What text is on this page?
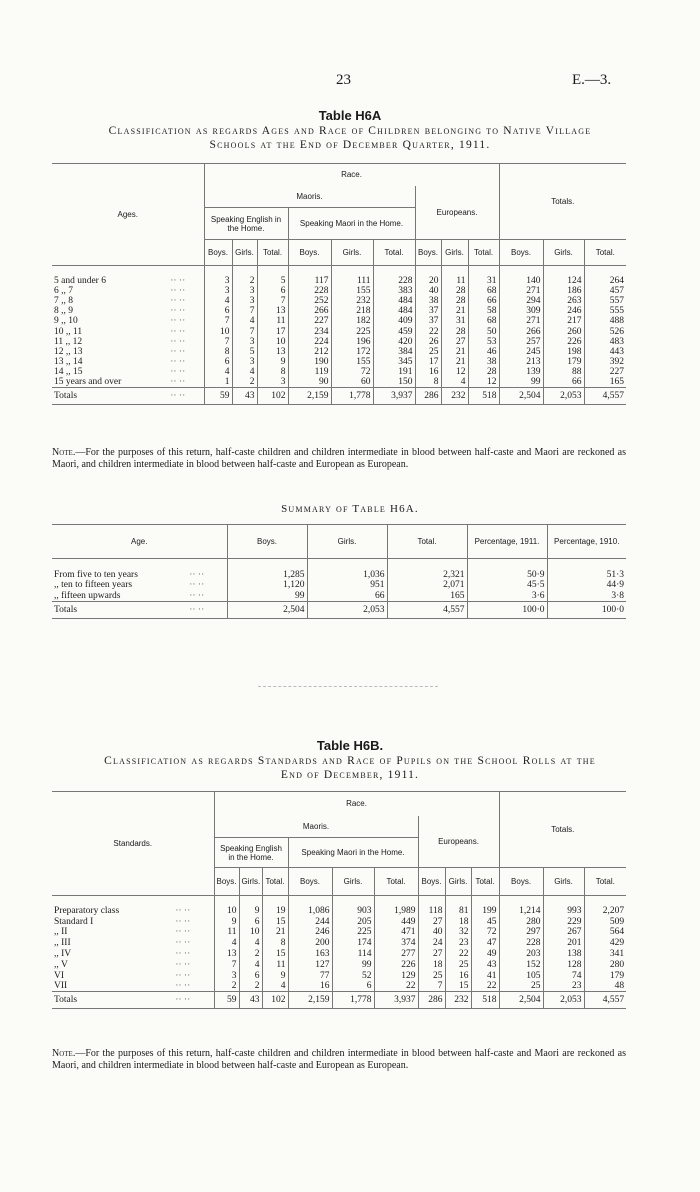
23	E.—3.
Table H6A
Classification as regards Ages and Race of Children belonging to Native Village
Schools at the End of December Quarter, 1911.
Ages.		Race.									Totals.		
		Maoris.						Europeans.					
		Speaking English in the Home.			Speaking Maori in the Home.								
		Boys.	Girls.	Total.	Boys.	Girls.	Total.	Boys.	Girls.	Total.	Boys.	Girls.	Total.
5 and under 6	·· ··	3	2	5	117	111	228	20	11	31	140	124	264
6 ,, 7	·· ··	3	3	6	228	155	383	40	28	68	271	186	457
7 ,, 8	·· ··	4	3	7	252	232	484	38	28	66	294	263	557
8 ,, 9	·· ··	6	7	13	266	218	484	37	21	58	309	246	555
9 ,, 10	·· ··	7	4	11	227	182	409	37	31	68	271	217	488
10 ,, 11	·· ··	10	7	17	234	225	459	22	28	50	266	260	526
11 ,, 12	·· ··	7	3	10	224	196	420	26	27	53	257	226	483
12 ,, 13	·· ··	8	5	13	212	172	384	25	21	46	245	198	443
13 ,, 14	·· ··	6	3	9	190	155	345	17	21	38	213	179	392
14 ,, 15	·· ··	4	4	8	119	72	191	16	12	28	139	88	227
15 years and over	·· ··	1	2	3	90	60	150	8	4	12	99	66	165
Totals	·· ··	59	43	102	2,159	1,778	3,937	286	232	518	2,504	2,053	4,557
Note.—For the purposes of this return, half-caste children and children intermediate in blood between half-caste and Maori are reckoned as Maori, and children intermediate in blood between half-caste and European as European.
Summary of Table H6A.
Age.		Boys.	Girls.	Total.	Percentage, 1911.	Percentage, 1910.
From five to ten years	·· ··	1,285	1,036	2,321	50·9	51·3
,, ten to fifteen years	·· ··	1,120	951	2,071	45·5	44·9
,, fifteen upwards	·· ··	99	66	165	3·6	3·8
Totals	·· ··	2,504	2,053	4,557	100·0	100·0
Table H6B.
Classification as regards Standards and Race of Pupils on the School Rolls at the
End of December, 1911.
Standards.		Race.									Totals.		
		Maoris.						Europeans.					
		Speaking English in the Home.			Speaking Maori in the Home.								
		Boys.	Girls.	Total.	Boys.	Girls.	Total.	Boys.	Girls.	Total.	Boys.	Girls.	Total.
Preparatory class	·· ··	10	9	19	1,086	903	1,989	118	81	199	1,214	993	2,207
Standard I	·· ··	9	6	15	244	205	449	27	18	45	280	229	509
,, II	·· ··	11	10	21	246	225	471	40	32	72	297	267	564
,, III	·· ··	4	4	8	200	174	374	24	23	47	228	201	429
,, IV	·· ··	13	2	15	163	114	277	27	22	49	203	138	341
,, V	·· ··	7	4	11	127	99	226	18	25	43	152	128	280
VI	·· ··	3	6	9	77	52	129	25	16	41	105	74	179
VII	·· ··	2	2	4	16	6	22	7	15	22	25	23	48
Totals	·· ··	59	43	102	2,159	1,778	3,937	286	232	518	2,504	2,053	4,557
Note.—For the purposes of this return, half-caste children and children intermediate in blood between half-caste and Maori are reckoned as Maori, and children intermediate in blood between half-caste and European as European.
